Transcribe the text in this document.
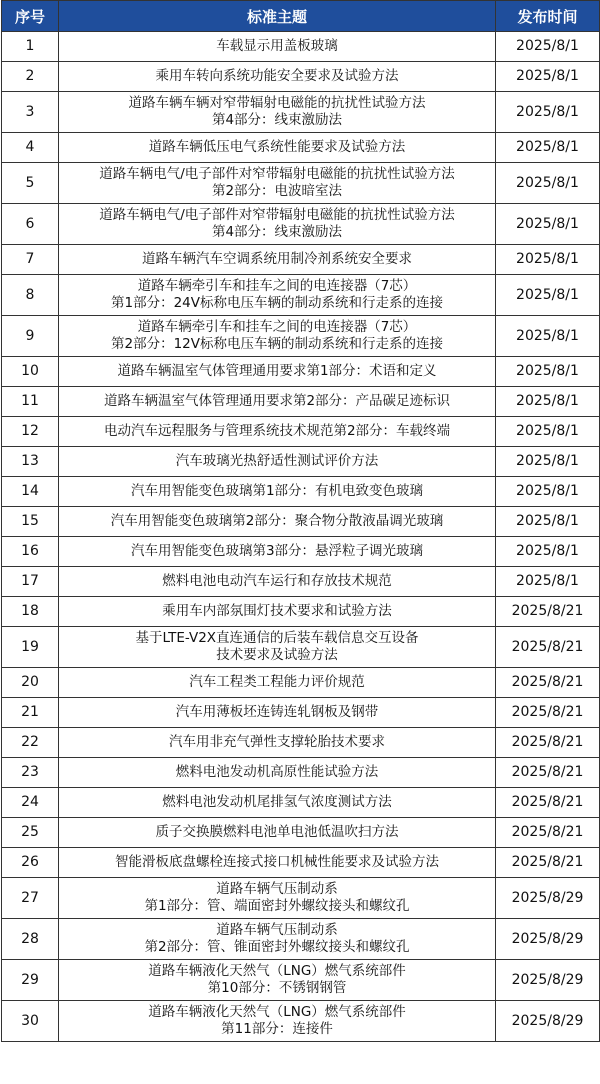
序号	标准主题	发布时间
1	车载显示用盖板玻璃	2025/8/1
2	乘用车转向系统功能安全要求及试验方法	2025/8/1
3	道路车辆车辆对窄带辐射电磁能的抗扰性试验方法
第4部分：线束激励法	2025/8/1
4	道路车辆低压电气系统性能要求及试验方法	2025/8/1
5	道路车辆电气/电子部件对窄带辐射电磁能的抗扰性试验方法
第2部分：电波暗室法	2025/8/1
6	道路车辆电气/电子部件对窄带辐射电磁能的抗扰性试验方法
第4部分：线束激励法	2025/8/1
7	道路车辆汽车空调系统用制冷剂系统安全要求	2025/8/1
8	道路车辆牵引车和挂车之间的电连接器（7芯）
第1部分：24V标称电压车辆的制动系统和行走系的连接	2025/8/1
9	道路车辆牵引车和挂车之间的电连接器（7芯）
第2部分：12V标称电压车辆的制动系统和行走系的连接	2025/8/1
10	道路车辆温室气体管理通用要求第1部分：术语和定义	2025/8/1
11	道路车辆温室气体管理通用要求第2部分：产品碳足迹标识	2025/8/1
12	电动汽车远程服务与管理系统技术规范第2部分：车载终端	2025/8/1
13	汽车玻璃光热舒适性测试评价方法	2025/8/1
14	汽车用智能变色玻璃第1部分：有机电致变色玻璃	2025/8/1
15	汽车用智能变色玻璃第2部分：聚合物分散液晶调光玻璃	2025/8/1
16	汽车用智能变色玻璃第3部分：悬浮粒子调光玻璃	2025/8/1
17	燃料电池电动汽车运行和存放技术规范	2025/8/1
18	乘用车内部氛围灯技术要求和试验方法	2025/8/21
19	基于LTE-V2X直连通信的后装车载信息交互设备
技术要求及试验方法	2025/8/21
20	汽车工程类工程能力评价规范	2025/8/21
21	汽车用薄板坯连铸连轧钢板及钢带	2025/8/21
22	汽车用非充气弹性支撑轮胎技术要求	2025/8/21
23	燃料电池发动机高原性能试验方法	2025/8/21
24	燃料电池发动机尾排氢气浓度测试方法	2025/8/21
25	质子交换膜燃料电池单电池低温吹扫方法	2025/8/21
26	智能滑板底盘螺栓连接式接口机械性能要求及试验方法	2025/8/21
27	道路车辆气压制动系
第1部分：管、端面密封外螺纹接头和螺纹孔	2025/8/29
28	道路车辆气压制动系
第2部分：管、锥面密封外螺纹接头和螺纹孔	2025/8/29
29	道路车辆液化天然气（LNG）燃气系统部件
第10部分：不锈钢钢管	2025/8/29
30	道路车辆液化天然气（LNG）燃气系统部件
第11部分：连接件	2025/8/29
